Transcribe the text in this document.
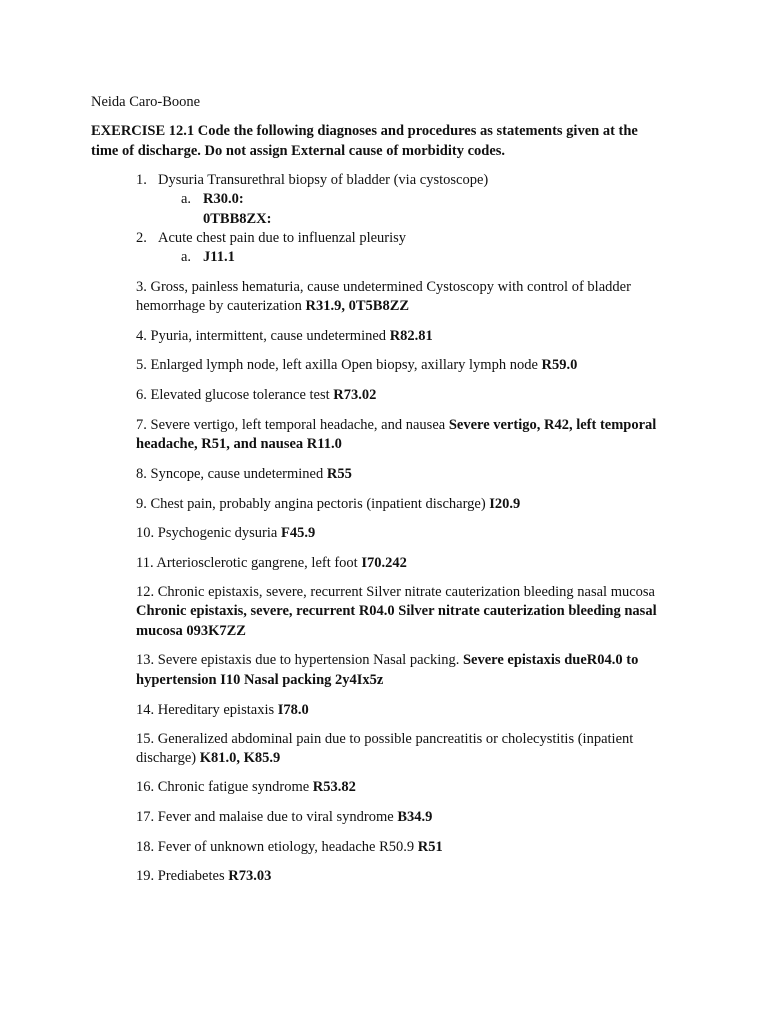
Neida Caro-Boone
EXERCISE 12.1 Code the following diagnoses and procedures as statements given at the
time of discharge. Do not assign External cause of morbidity codes.
1. Dysuria Transurethral biopsy of bladder (via cystoscope)
a. R30.0:
0TBB8ZX:
2. Acute chest pain due to influenzal pleurisy
a. J11.1
3. Gross, painless hematuria, cause undetermined Cystoscopy with control of bladder
hemorrhage by cauterization R31.9, 0T5B8ZZ
4. Pyuria, intermittent, cause undetermined R82.81
5. Enlarged lymph node, left axilla Open biopsy, axillary lymph node R59.0
6. Elevated glucose tolerance test R73.02
7. Severe vertigo, left temporal headache, and nausea Severe vertigo, R42, left temporal
headache, R51, and nausea R11.0
8. Syncope, cause undetermined R55
9. Chest pain, probably angina pectoris (inpatient discharge) I20.9
10. Psychogenic dysuria F45.9
11. Arteriosclerotic gangrene, left foot I70.242
12. Chronic epistaxis, severe, recurrent Silver nitrate cauterization bleeding nasal mucosa
Chronic epistaxis, severe, recurrent R04.0 Silver nitrate cauterization bleeding nasal
mucosa 093K7ZZ
13. Severe epistaxis due to hypertension Nasal packing. Severe epistaxis dueR04.0 to
hypertension I10 Nasal packing 2y4Ix5z
14. Hereditary epistaxis I78.0
15. Generalized abdominal pain due to possible pancreatitis or cholecystitis (inpatient
discharge) K81.0, K85.9
16. Chronic fatigue syndrome R53.82
17. Fever and malaise due to viral syndrome B34.9
18. Fever of unknown etiology, headache R50.9 R51
19. Prediabetes R73.03
